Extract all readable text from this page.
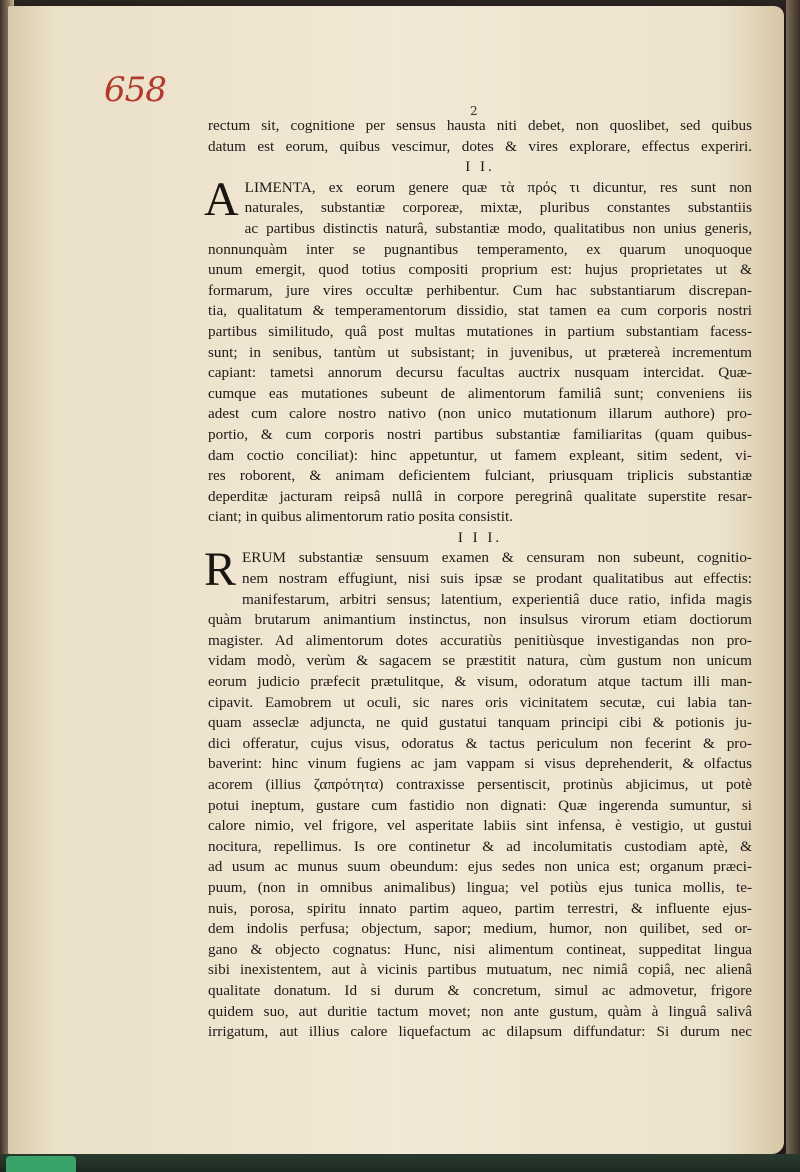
658
2
rectum sit, cognitione per sensus hausta niti debet, non quoslibet, sed quibus
datum est eorum, quibus vescimur, dotes & vires explorare, effectus experiri.
I I.
A LIMENTA, ex eorum genere quæ τὰ πρός τι dicuntur, res sunt non
naturales, substantiæ corporeæ, mixtæ, pluribus constantes substantiis
ac partibus distinctis naturâ, substantiæ modo, qualitatibus non unius generis,
nonnunquàm inter se pugnantibus temperamento, ex quarum unoquoque
unum emergit, quod totius compositi proprium est: hujus proprietates ut &
formarum, jure vires occultæ perhibentur. Cum hac substantiarum discrepan-
tia, qualitatum & temperamentorum dissidio, stat tamen ea cum corporis nostri
partibus similitudo, quâ post multas mutationes in partium substantiam facess-
sunt; in senibus, tantùm ut subsistant; in juvenibus, ut prætereà incrementum
capiant: tametsi annorum decursu facultas auctrix nusquam intercidat. Quæ-
cumque eas mutationes subeunt de alimentorum familiâ sunt; conveniens iis
adest cum calore nostro nativo (non unico mutationum illarum authore) pro-
portio, & cum corporis nostri partibus substantiæ familiaritas (quam quibus-
dam coctio conciliat): hinc appetuntur, ut famem expleant, sitim sedent, vi-
res roborent, & animam deficientem fulciant, priusquam triplicis substantiæ
deperditæ jacturam reipsâ nullâ in corpore peregrinâ qualitate superstite resar-
ciant; in quibus alimentorum ratio posita consistit.
I I I.
R ERUM substantiæ sensuum examen & censuram non subeunt, cognitio-
nem nostram effugiunt, nisi suis ipsæ se prodant qualitatibus aut effectis:
manifestarum, arbitri sensus; latentium, experientiâ duce ratio, infida magis
quàm brutarum animantium instinctus, non insulsus virorum etiam doctiorum
magister. Ad alimentorum dotes accuratiùs penitiùsque investigandas non pro-
vidam modò, verùm & sagacem se præstitit natura, cùm gustum non unicum
eorum judicio præfecit prætulitque, & visum, odoratum atque tactum illi man-
cipavit. Eamobrem ut oculi, sic nares oris vicinitatem secutæ, cui labia tan-
quam asseclæ adjuncta, ne quid gustatui tanquam principi cibi & potionis ju-
dici offeratur, cujus visus, odoratus & tactus periculum non fecerint & pro-
baverint: hinc vinum fugiens ac jam vappam si visus deprehenderit, & olfactus
acorem (illius ζαπρότητα) contraxisse persentiscit, protinùs abjicimus, ut potè
potui ineptum, gustare cum fastidio non dignati: Quæ ingerenda sumuntur, si
calore nimio, vel frigore, vel asperitate labiis sint infensa, è vestigio, ut gustui
nocitura, repellimus. Is ore continetur & ad incolumitatis custodiam aptè, &
ad usum ac munus suum obeundum: ejus sedes non unica est; organum præci-
puum, (non in omnibus animalibus) lingua; vel potiùs ejus tunica mollis, te-
nuis, porosa, spiritu innato partim aqueo, partim terrestri, & influente ejus-
dem indolis perfusa; objectum, sapor; medium, humor, non quilibet, sed or-
gano & objecto cognatus: Hunc, nisi alimentum contineat, suppeditat lingua
sibi inexistentem, aut à vicinis partibus mutuatum, nec nimiâ copiâ, nec alienâ
qualitate donatum. Id si durum & concretum, simul ac admovetur, frigore
quidem suo, aut duritie tactum movet; non ante gustum, quàm à linguâ salivâ
irrigatum, aut illius calore liquefactum ac dilapsum diffundatur: Si durum nec
